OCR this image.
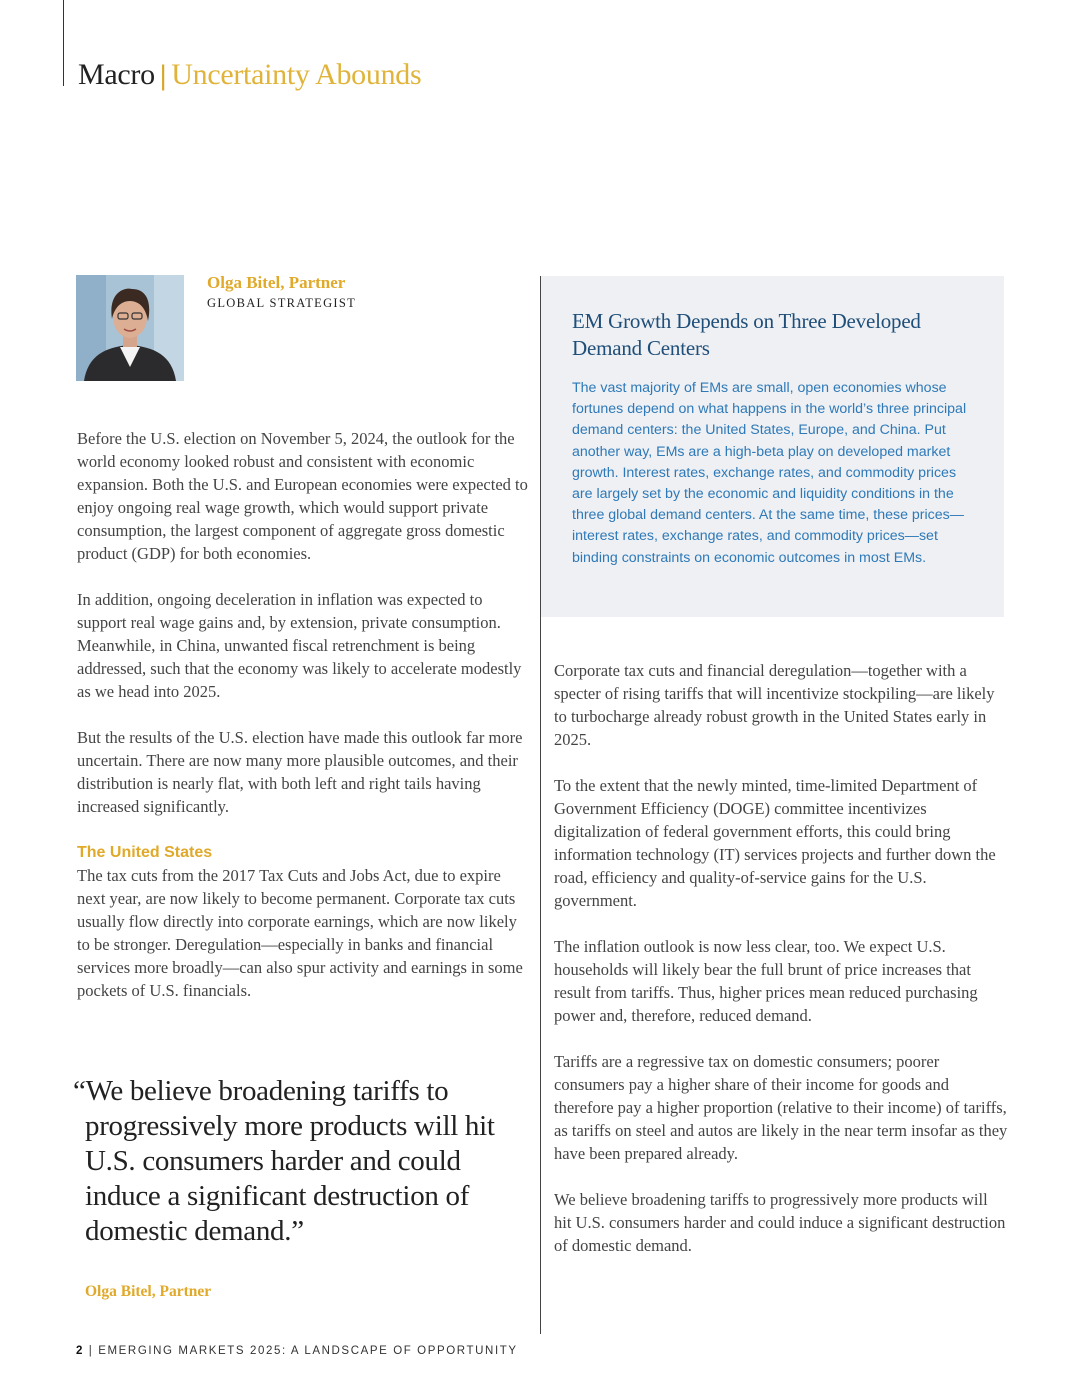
Macro | Uncertainty Abounds
Olga Bitel, Partner
GLOBAL STRATEGIST

Before the U.S. election on November 5, 2024, the outlook for the world economy looked robust and consistent with economic expansion. Both the U.S. and European economies were expected to enjoy ongoing real wage growth, which would support private consumption, the largest component of aggregate gross domestic product (GDP) for both economies.

In addition, ongoing deceleration in inflation was expected to support real wage gains and, by extension, private consumption. Meanwhile, in China, unwanted fiscal retrenchment is being addressed, such that the economy was likely to accelerate modestly as we head into 2025.

But the results of the U.S. election have made this outlook far more uncertain. There are now many more plausible outcomes, and their distribution is nearly flat, with both left and right tails having increased significantly.

The United States

The tax cuts from the 2017 Tax Cuts and Jobs Act, due to expire next year, are now likely to become permanent. Corporate tax cuts usually flow directly into corporate earnings, which are now likely to be stronger. Deregulation—especially in banks and financial services more broadly—can also spur activity and earnings in some pockets of U.S. financials.

“We believe broadening tariffs to progressively more products will hit U.S. consumers harder and could induce a significant destruction of domestic demand.”
Olga Bitel, Partner
EM Growth Depends on Three Developed Demand Centers

The vast majority of EMs are small, open economies whose fortunes depend on what happens in the world’s three principal demand centers: the United States, Europe, and China. Put another way, EMs are a high-beta play on developed market growth. Interest rates, exchange rates, and commodity prices are largely set by the economic and liquidity conditions in the three global demand centers. At the same time, these prices—interest rates, exchange rates, and commodity prices—set binding constraints on economic outcomes in most EMs.

Corporate tax cuts and financial deregulation—together with a specter of rising tariffs that will incentivize stockpiling—are likely to turbocharge already robust growth in the United States early in 2025.

To the extent that the newly minted, time-limited Department of Government Efficiency (DOGE) committee incentivizes digitalization of federal government efforts, this could bring information technology (IT) services projects and further down the road, efficiency and quality-of-service gains for the U.S. government.

The inflation outlook is now less clear, too. We expect U.S. households will likely bear the full brunt of price increases that result from tariffs. Thus, higher prices mean reduced purchasing power and, therefore, reduced demand.

Tariffs are a regressive tax on domestic consumers; poorer consumers pay a higher share of their income for goods and therefore pay a higher proportion (relative to their income) of tariffs, as tariffs on steel and autos are likely in the near term insofar as they have been prepared already.

We believe broadening tariffs to progressively more products will hit U.S. consumers harder and could induce a significant destruction of domestic demand.

2 | EMERGING MARKETS 2025: A LANDSCAPE OF OPPORTUNITY
